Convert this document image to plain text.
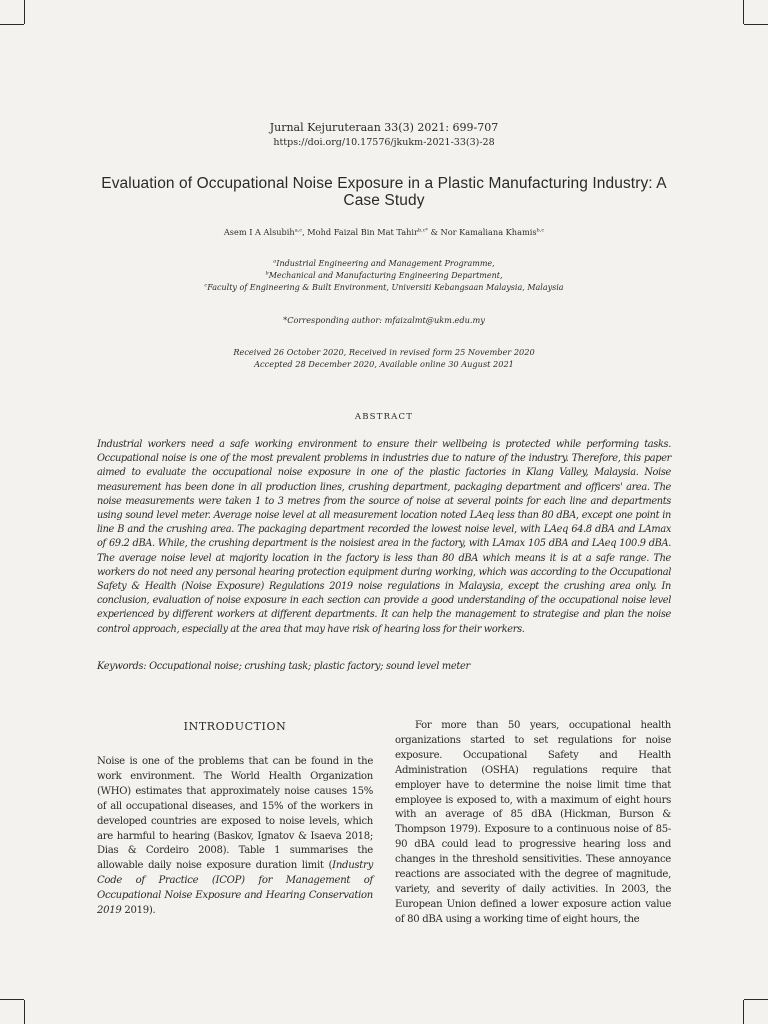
Jurnal Kejuruteraan 33(3) 2021: 699-707
https://doi.org/10.17576/jkukm-2021-33(3)-28
Evaluation of Occupational Noise Exposure in a Plastic Manufacturing Industry: A Case Study
Asem I A Alsubih$^{a,c}$, Mohd Faizal Bin Mat Tahir$^{b,c*}$ & Nor Kamaliana Khamis$^{b,c}$
$^a$Industrial Engineering and Management Programme,
$^b$Mechanical and Manufacturing Engineering Department,
$^c$Faculty of Engineering & Built Environment, Universiti Kebangsaan Malaysia, Malaysia
*Corresponding author: mfaizalmt@ukm.edu.my
Received 26 October 2020, Received in revised form 25 November 2020
Accepted 28 December 2020, Available online 30 August 2021
ABSTRACT
Industrial workers need a safe working environment to ensure their wellbeing is protected while performing tasks. Occupational noise is one of the most prevalent problems in industries due to nature of the industry. Therefore, this paper aimed to evaluate the occupational noise exposure in one of the plastic factories in Klang Valley, Malaysia. Noise measurement has been done in all production lines, crushing department, packaging department and officers' area. The noise measurements were taken 1 to 3 metres from the source of noise at several points for each line and departments using sound level meter. Average noise level at all measurement location noted LAeq less than 80 dBA, except one point in line B and the crushing area. The packaging department recorded the lowest noise level, with LAeq 64.8 dBA and LAmax of 69.2 dBA. While, the crushing department is the noisiest area in the factory, with LAmax 105 dBA and LAeq 100.9 dBA. The average noise level at majority location in the factory is less than 80 dBA which means it is at a safe range. The workers do not need any personal hearing protection equipment during working, which was according to the Occupational Safety & Health (Noise Exposure) Regulations 2019 noise regulations in Malaysia, except the crushing area only. In conclusion, evaluation of noise exposure in each section can provide a good understanding of the occupational noise level experienced by different workers at different departments. It can help the management to strategise and plan the noise control approach, especially at the area that may have risk of hearing loss for their workers.
Keywords: Occupational noise; crushing task; plastic factory; sound level meter
INTRODUCTION

Noise is one of the problems that can be found in the work environment. The World Health Organization (WHO) estimates that approximately noise causes 15% of all occupational diseases, and 15% of the workers in developed countries are exposed to noise levels, which are harmful to hearing (Baskov, Ignatov & Isaeva 2018; Dias & Cordeiro 2008). Table 1 summarises the allowable daily noise exposure duration limit (Industry Code of Practice (ICOP) for Management of Occupational Noise Exposure and Hearing Conservation 2019 2019).

For more than 50 years, occupational health organizations started to set regulations for noise exposure. Occupational Safety and Health Administration (OSHA) regulations require that employer have to determine the noise limit time that employee is exposed to, with a maximum of eight hours with an average of 85 dBA (Hickman, Burson & Thompson 1979). Exposure to a continuous noise of 85-90 dBA could lead to progressive hearing loss and changes in the threshold sensitivities. These annoyance reactions are associated with the degree of magnitude, variety, and severity of daily activities. In 2003, the European Union defined a lower exposure action value of 80 dBA using a working time of eight hours, the
